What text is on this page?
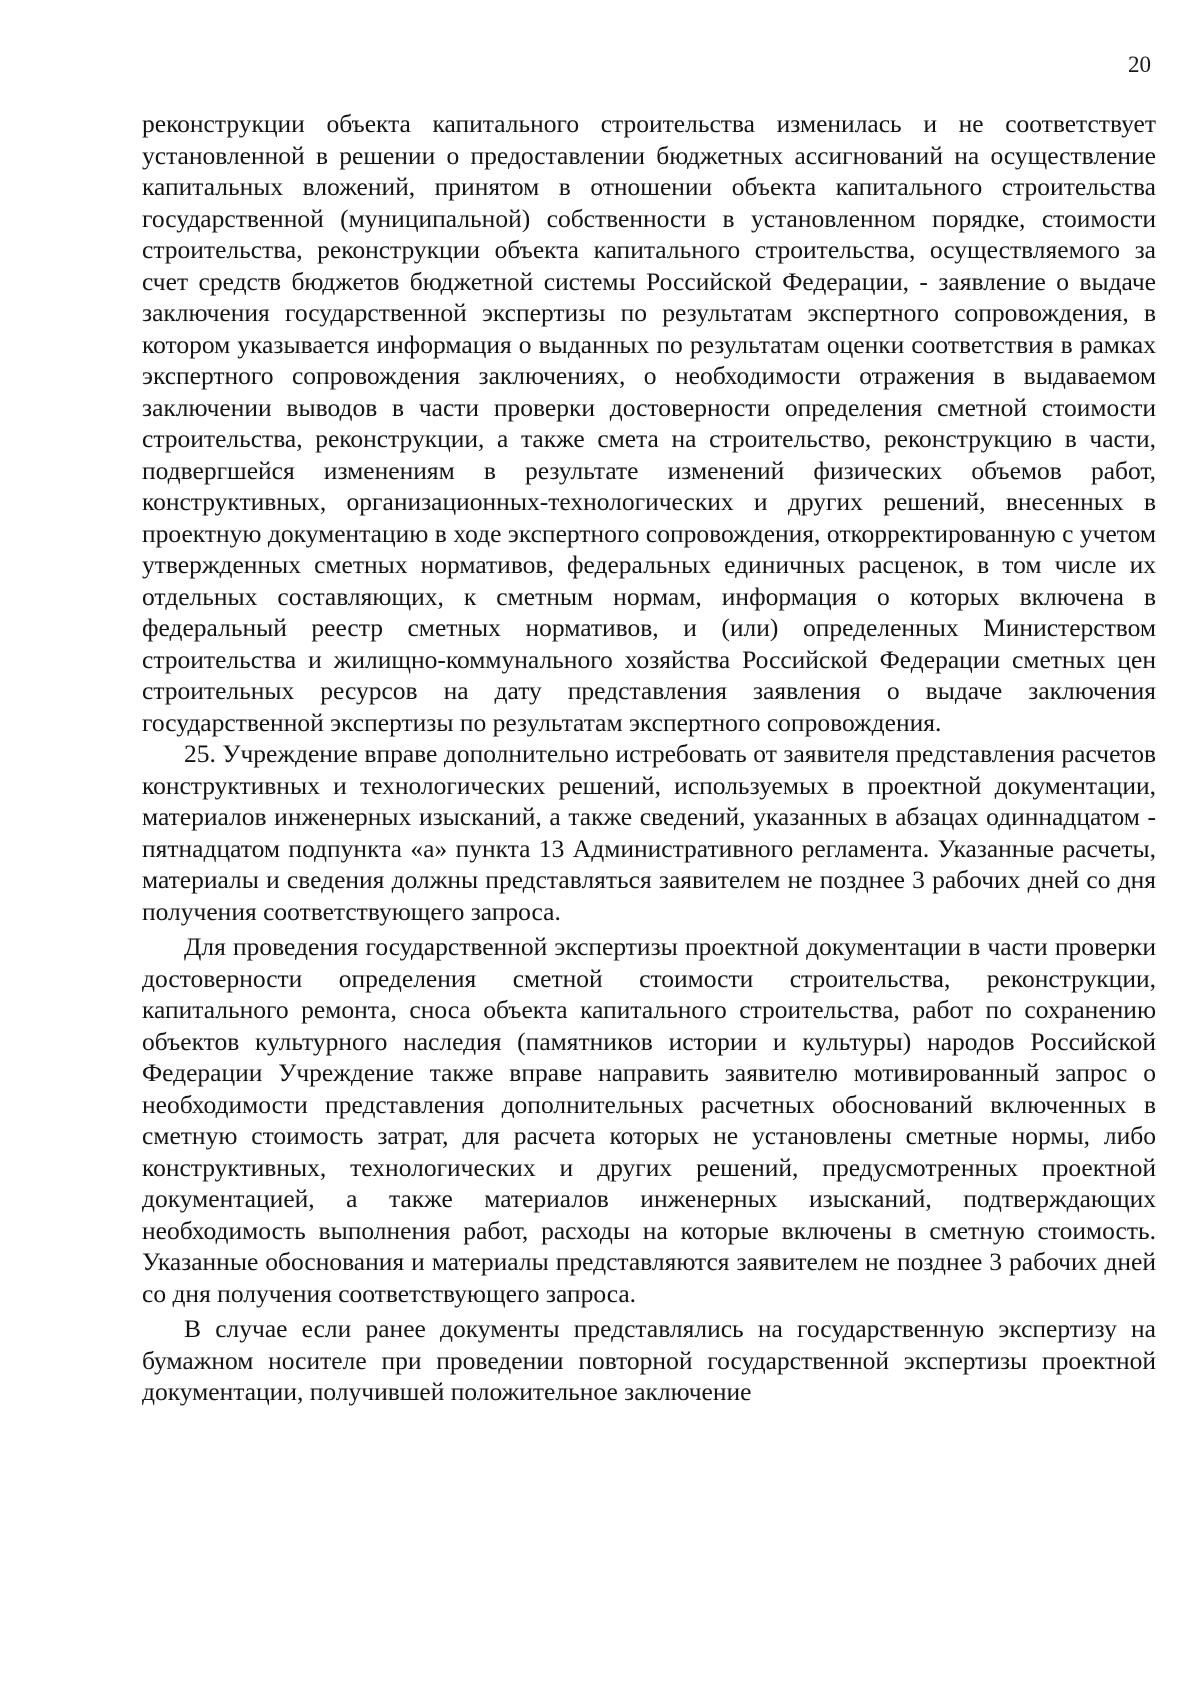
20

реконструкции объекта капитального строительства изменилась и не соответствует установленной в решении о предоставлении бюджетных ассигнований на осуществление капитальных вложений, принятом в отношении объекта капитального строительства государственной (муниципальной) собственности в установленном порядке, стоимости строительства, реконструкции объекта капитального строительства, осуществляемого за счет средств бюджетов бюджетной системы Российской Федерации, - заявление о выдаче заключения государственной экспертизы по результатам экспертного сопровождения, в котором указывается информация о выданных по результатам оценки соответствия в рамках экспертного сопровождения заключениях, о необходимости отражения в выдаваемом заключении выводов в части проверки достоверности определения сметной стоимости строительства, реконструкции, а также смета на строительство, реконструкцию в части, подвергшейся изменениям в результате изменений физических объемов работ, конструктивных, организационных-технологических и других решений, внесенных в проектную документацию в ходе экспертного сопровождения, откорректированную с учетом утвержденных сметных нормативов, федеральных единичных расценок, в том числе их отдельных составляющих, к сметным нормам, информация о которых включена в федеральный реестр сметных нормативов, и (или) определенных Министерством строительства и жилищно-коммунального хозяйства Российской Федерации сметных цен строительных ресурсов на дату представления заявления о выдаче заключения государственной экспертизы по результатам экспертного сопровождения.

25. Учреждение вправе дополнительно истребовать от заявителя представления расчетов конструктивных и технологических решений, используемых в проектной документации, материалов инженерных изысканий, а также сведений, указанных в абзацах одиннадцатом - пятнадцатом подпункта «а» пункта 13 Административного регламента. Указанные расчеты, материалы и сведения должны представляться заявителем не позднее 3 рабочих дней со дня получения соответствующего запроса.

Для проведения государственной экспертизы проектной документации в части проверки достоверности определения сметной стоимости строительства, реконструкции, капитального ремонта, сноса объекта капитального строительства, работ по сохранению объектов культурного наследия (памятников истории и культуры) народов Российской Федерации Учреждение также вправе направить заявителю мотивированный запрос о необходимости представления дополнительных расчетных обоснований включенных в сметную стоимость затрат, для расчета которых не установлены сметные нормы, либо конструктивных, технологических и других решений, предусмотренных проектной документацией, а также материалов инженерных изысканий, подтверждающих необходимость выполнения работ, расходы на которые включены в сметную стоимость. Указанные обоснования и материалы представляются заявителем не позднее 3 рабочих дней со дня получения соответствующего запроса.

В случае если ранее документы представлялись на государственную экспертизу на бумажном носителе при проведении повторной государственной экспертизы проектной документации, получившей положительное заключение
